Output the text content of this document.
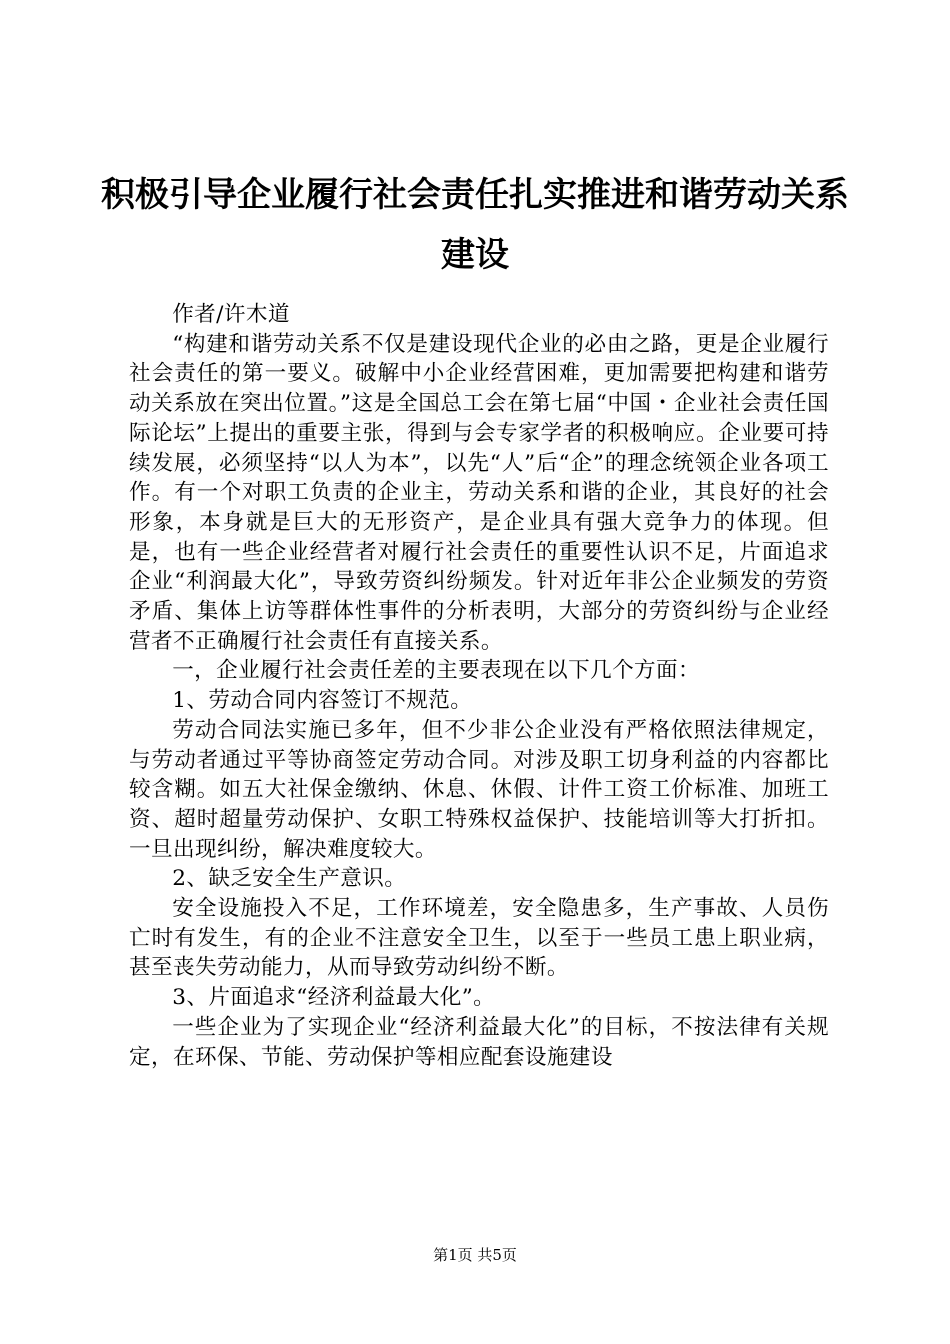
积极引导企业履行社会责任扎实推进和谐劳动关系建设

作者/许木道

“构建和谐劳动关系不仅是建设现代企业的必由之路，更是企业履行社会责任的第一要义。破解中小企业经营困难，更加需要把构建和谐劳动关系放在突出位置。”这是全国总工会在第七届“中国・企业社会责任国际论坛”上提出的重要主张，得到与会专家学者的积极响应。企业要可持续发展，必须坚持“以人为本”，以先“人”后“企”的理念统领企业各项工作。有一个对职工负责的企业主，劳动关系和谐的企业，其良好的社会形象，本身就是巨大的无形资产，是企业具有强大竞争力的体现。但是，也有一些企业经营者对履行社会责任的重要性认识不足，片面追求企业“利润最大化”，导致劳资纠纷频发。针对近年非公企业频发的劳资矛盾、集体上访等群体性事件的分析表明，大部分的劳资纠纷与企业经营者不正确履行社会责任有直接关系。

一，企业履行社会责任差的主要表现在以下几个方面：

1、劳动合同内容签订不规范。

劳动合同法实施已多年，但不少非公企业没有严格依照法律规定，与劳动者通过平等协商签定劳动合同。对涉及职工切身利益的内容都比较含糊。如五大社保金缴纳、休息、休假、计件工资工价标准、加班工资、超时超量劳动保护、女职工特殊权益保护、技能培训等大打折扣。一旦出现纠纷，解决难度较大。

2、缺乏安全生产意识。

安全设施投入不足，工作环境差，安全隐患多，生产事故、人员伤亡时有发生，有的企业不注意安全卫生，以至于一些员工患上职业病，甚至丧失劳动能力，从而导致劳动纠纷不断。

3、片面追求“经济利益最大化”。

一些企业为了实现企业“经济利益最大化”的目标，不按法律有关规定，在环保、节能、劳动保护等相应配套设施建设

第1页 共5页
